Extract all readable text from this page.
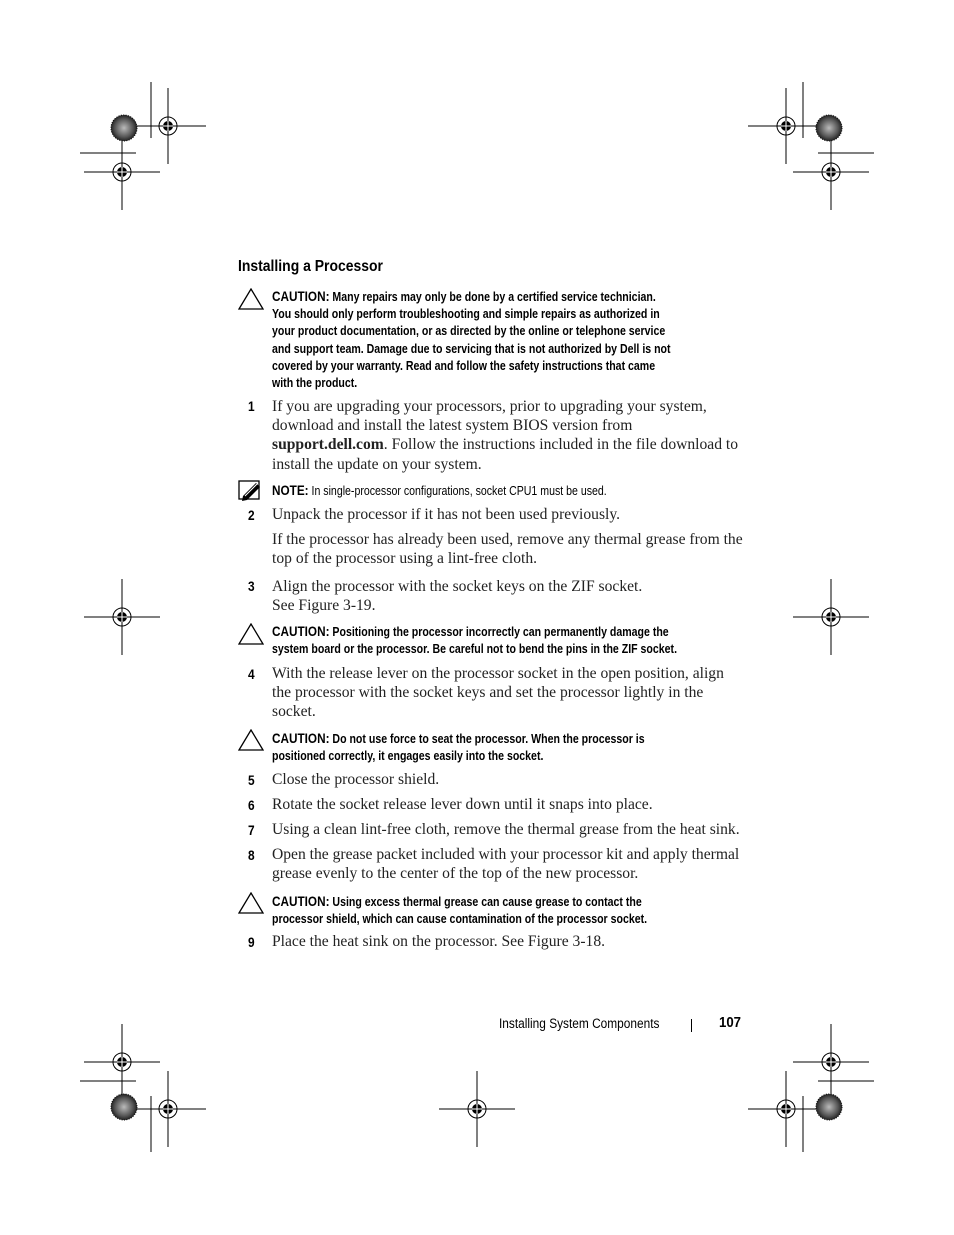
Installing a Processor
CAUTION: Many repairs may only be done by a certified service technician.
You should only perform troubleshooting and simple repairs as authorized in
your product documentation, or as directed by the online or telephone service
and support team. Damage due to servicing that is not authorized by Dell is not
covered by your warranty. Read and follow the safety instructions that came
with the product.
1 If you are upgrading your processors, prior to upgrading your system,
download and install the latest system BIOS version from
support.dell.com. Follow the instructions included in the file download to
install the update on your system.
NOTE: In single-processor configurations, socket CPU1 must be used.
2 Unpack the processor if it has not been used previously.
If the processor has already been used, remove any thermal grease from the
top of the processor using a lint-free cloth.
3 Align the processor with the socket keys on the ZIF socket.
See Figure 3-19.
CAUTION: Positioning the processor incorrectly can permanently damage the
system board or the processor. Be careful not to bend the pins in the ZIF socket.
4 With the release lever on the processor socket in the open position, align
the processor with the socket keys and set the processor lightly in the
socket.
CAUTION: Do not use force to seat the processor. When the processor is
positioned correctly, it engages easily into the socket.
5 Close the processor shield.
6 Rotate the socket release lever down until it snaps into place.
7 Using a clean lint-free cloth, remove the thermal grease from the heat sink.
8 Open the grease packet included with your processor kit and apply thermal
grease evenly to the center of the top of the new processor.
CAUTION: Using excess thermal grease can cause grease to contact the
processor shield, which can cause contamination of the processor socket.
9 Place the heat sink on the processor. See Figure 3-18.
Installing System Components	107
